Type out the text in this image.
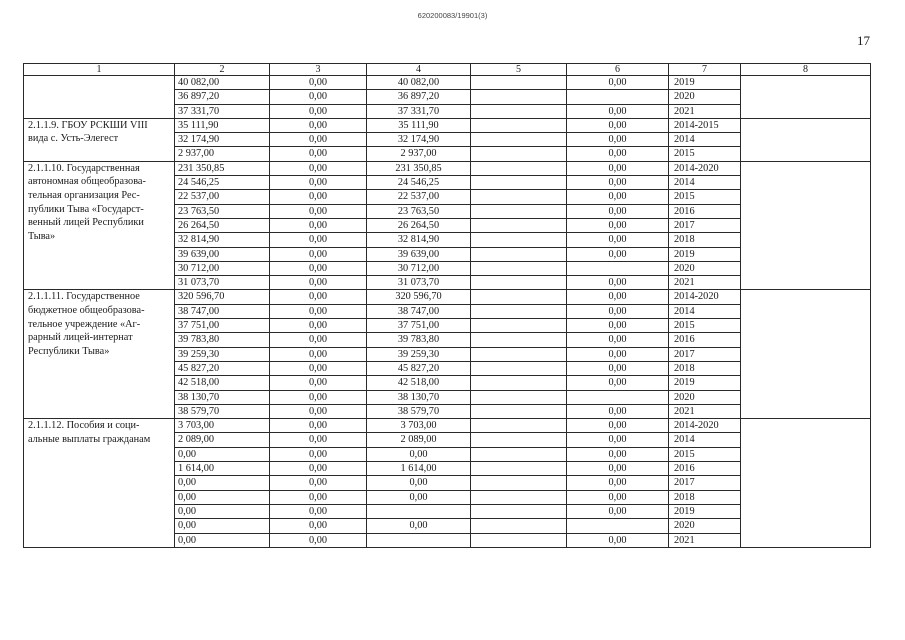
620200083/19901(3)
17
1	2	3	4	5	6	7	8
	40 082,00	0,00	40 082,00		0,00	2019	
	36 897,20	0,00	36 897,20			2020	
	37 331,70	0,00	37 331,70		0,00	2021	
2.1.1.9. ГБОУ РСКШИ VIII вида с. Усть-Элегест	35 111,90	0,00	35 111,90		0,00	2014-2015	
	32 174,90	0,00	32 174,90		0,00	2014	
	2 937,00	0,00	2 937,00		0,00	2015	
2.1.1.10. Государственная автономная общеобразова-тельная организация Рес-публики Тыва «Государст-венный лицей Республики Тыва»	231 350,85	0,00	231 350,85		0,00	2014-2020	
	24 546,25	0,00	24 546,25		0,00	2014	
	22 537,00	0,00	22 537,00		0,00	2015	
	23 763,50	0,00	23 763,50		0,00	2016	
	26 264,50	0,00	26 264,50		0,00	2017	
	32 814,90	0,00	32 814,90		0,00	2018	
	39 639,00	0,00	39 639,00		0,00	2019	
	30 712,00	0,00	30 712,00			2020	
	31 073,70	0,00	31 073,70		0,00	2021	
2.1.1.11. Государственное бюджетное общеобразова-тельное учреждение «Аг-рарный лицей-интернат Республики Тыва»	320 596,70	0,00	320 596,70		0,00	2014-2020	
	38 747,00	0,00	38 747,00		0,00	2014	
	37 751,00	0,00	37 751,00		0,00	2015	
	39 783,80	0,00	39 783,80		0,00	2016	
	39 259,30	0,00	39 259,30		0,00	2017	
	45 827,20	0,00	45 827,20		0,00	2018	
	42 518,00	0,00	42 518,00		0,00	2019	
	38 130,70	0,00	38 130,70			2020	
	38 579,70	0,00	38 579,70		0,00	2021	
2.1.1.12. Пособия и соци-альные выплаты гражданам	3 703,00	0,00	3 703,00		0,00	2014-2020	
	2 089,00	0,00	2 089,00		0,00	2014	
	0,00	0,00	0,00		0,00	2015	
	1 614,00	0,00	1 614,00		0,00	2016	
	0,00	0,00	0,00		0,00	2017	
	0,00	0,00	0,00		0,00	2018	
	0,00	0,00			0,00	2019	
	0,00	0,00	0,00			2020	
	0,00	0,00			0,00	2021	
